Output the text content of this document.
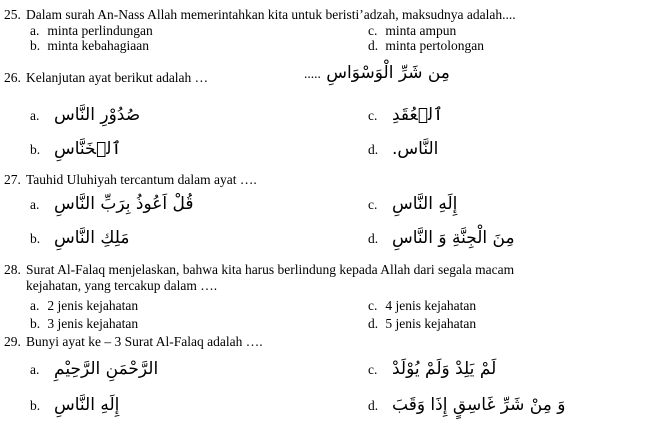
25. Dalam surah An-Nass Allah memerintahkan kita untuk beristi’adzah, maksudnya adalah....
a. minta perlindungan	c. minta ampun
b. minta kebahagiaan	d. minta pertolongan
26. Kelanjutan ayat berikut adalah …	..... مِن شَرِّ الْوَسْوَاسِ
a. صُدُوْرِ النَّاس	c. ٱلۡعُقَدِ
b. ٱلۡخَنَّاسِ	d. النَّاس.
27. Tauhid Uluhiyah tercantum dalam ayat ….
a. قُلْ اَعُوذُ بِرَبِّ النَّاسِ	c. إِلَهِ النَّاسِ
b. مَلِكِ النَّاسِ	d. مِنَ الْجِنَّةِ وَ النَّاسِ
28. Surat Al-Falaq menjelaskan, bahwa kita harus berlindung kepada Allah dari segala macam
kejahatan, yang tercakup dalam ….
a. 2 jenis kejahatan	c. 4 jenis kejahatan
b. 3 jenis kejahatan	d. 5 jenis kejahatan
29. Bunyi ayat ke – 3 Surat Al-Falaq adalah ….
a. الرَّحْمَنِ الرَّحِيْمِ	c. لَمْ يَلِدْ وَلَمْ يُوْلَدْ
b. إِلَهِ النَّاسِ	d. وَ مِنْ شَرِّ غَاسِقٍ إِذَا وَقَبَ
